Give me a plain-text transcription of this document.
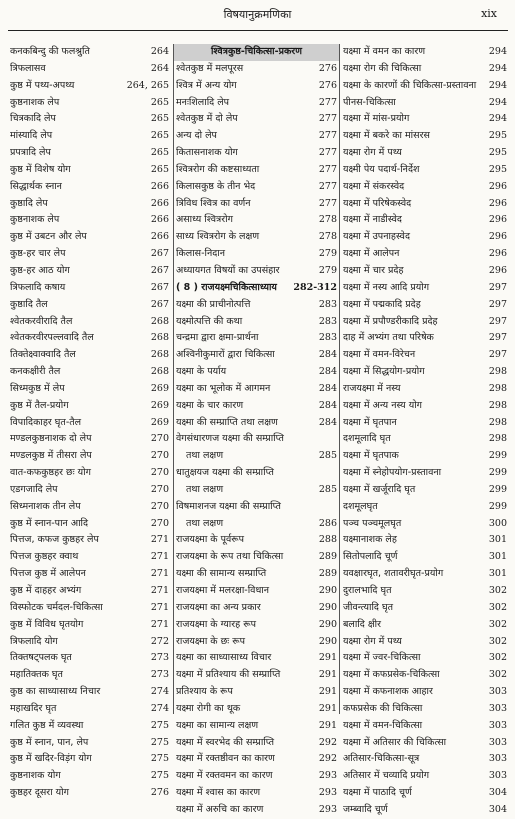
विषयानुक्रमणिका	xix
कनकबिन्दु की फलश्रुति	264
त्रिफलासव	264
कुष्ठ में पथ्य-अपथ्य	264, 265
कुष्ठनाशक लेप	265
चित्रकादि लेप	265
मांस्यादि लेप	265
प्रपत्रादि लेप	265
कुष्ठ में विशेष योग	265
सिद्धार्थक स्नान	266
कुष्ठादि लेप	266
कुष्ठनाशक लेप	266
कुष्ठ में उबटन और लेप	266
कुष्ठ-हर चार लेप	267
कुष्ठ-हर आठ योग	267
त्रिफलादि कषाय	267
कुष्ठादि तैल	267
श्वेतकरवीरादि तैल	268
श्वेतकरवीरपल्लवादि तैल	268
तिक्तेक्ष्वाक्वादि तैल	268
कनकक्षीरी तैल	268
सिध्मकुष्ठ में लेप	269
कुष्ठ में तैल-प्रयोग	269
विपादिकाहर घृत-तैल	269
मण्डलकुष्ठनाशक दो लेप	270
मण्डलकुष्ठ में तीसरा लेप	270
वात-कफकुष्ठहर छः योग	270
एडगजादि लेप	270
सिध्मनाशक तीन लेप	270
कुष्ठ में स्नान-पान आदि	270
पित्तज, कफज कुष्ठहर लेप	271
पित्तज कुष्ठहर क्वाथ	271
पित्तज कुष्ठ में आलेपन	271
कुष्ठ में दाहहर अभ्यंग	271
विस्फोटक चर्मदल-चिकित्सा	271
कुष्ठ में विविध घृतयोग	271
त्रिफलादि योग	272
तिक्तषट्पलक घृत	273
महातिक्तक घृत	273
कुष्ठ का साध्यासाध्य निचार	274
महाखदिर घृत	274
गलित कुष्ठ में व्यवस्था	275
कुष्ठ में स्नान, पान, लेप	275
कुष्ठ में खदिर-विड़ंग योग	275
कुष्ठनाशक योग	275
कुष्ठहर दूसरा योग	276
श्वित्रकुष्ठ-चिकित्सा-प्रकरण
श्वेतकुष्ठ में मलपूरस	276
श्वित्र में अन्य योग	276
मनःशिलादि लेप	277
श्वेतकुष्ठ में दो लेप	277
अन्य दो लेप	277
कितासनाशक योग	277
श्वित्ररोग की कष्टसाध्यता	277
किलासकुष्ठ के तीन भेद	277
त्रिविध श्वित्र का वर्णन	277
असाध्य श्वित्ररोग	278
साध्य श्वित्ररोग के लक्षण	278
किलास-निदान	279
अध्यायगत विषयों का उपसंहार	279
( 8 ) राजयक्ष्मचिकित्साध्याय 282-312
यक्ष्मा की प्राचीनोत्पत्ति	283
यक्ष्मोत्पत्ति की कथा	283
चन्द्रमा द्वारा क्षमा-प्रार्थना	283
अश्विनीकुमारों द्वारा चिकित्सा	284
यक्ष्मा के पर्याय	284
यक्ष्मा का भूलोक में आगमन	284
यक्ष्मा के चार कारण	284
यक्ष्मा की सम्प्राप्ति तथा लक्षण	284
वेगसंधारणज यक्ष्मा की सम्प्राप्ति
तथा लक्षण	285
धातुक्षयज यक्ष्मा की सम्प्राप्ति
तथा लक्षण	285
विषमाशनज यक्ष्मा की सम्प्राप्ति
तथा लक्षण	286
राजयक्ष्मा के पूर्वरूप	288
राजयक्ष्मा के रूप तथा चिकित्सा	289
यक्ष्मा की सामान्य सम्प्राप्ति	289
राजयक्ष्मा में मलरक्षा-विधान	290
राजयक्ष्मा का अन्य प्रकार	290
राजयक्ष्मा के ग्यारह रूप	290
राजयक्ष्मा के छः रूप	290
यक्ष्मा का साध्यासाध्य विचार	291
यक्ष्मा में प्रतिश्याय की सम्प्राप्ति	291
प्रतिश्याय के रूप	291
यक्ष्मा रोगी का थूक	291
यक्ष्मा का सामान्य लक्षण	291
यक्ष्मा में स्वरभेद की सम्प्राप्ति	292
यक्ष्मा में रक्तष्ठीवन का कारण	292
यक्ष्मा में रक्तवमन का कारण	293
यक्ष्मा में श्वास का कारण	293
यक्ष्मा में अरुचि का कारण	293
यक्ष्मा में वमन का कारण	294
यक्ष्मा रोग की चिकित्सा	294
यक्ष्मा के कारणों की चिकित्सा-प्रस्तावना 294
पीनस-चिकित्सा	294
यक्ष्मा में मांस-प्रयोग	294
यक्ष्मा में बकरे का मांसरस	295
यक्ष्मा रोग में पथ्य	295
यक्ष्मी पेय पदार्थ-निर्देश	295
यक्ष्मा में संकरस्वेद	296
यक्ष्मा में परिषेकस्वेद	296
यक्ष्मा में नाडीस्वेद	296
यक्ष्मा में उपनाहस्वेद	296
यक्ष्मा में आलेपन	296
यक्ष्मा में चार प्रदेह	296
यक्ष्मा में नस्य आदि प्रयोग	297
यक्ष्मा में पद्मकादि प्रदेह	297
यक्ष्मा में प्रपौण्डरीकादि प्रदेह	297
दाह में अभ्यंग तथा परिषेक	297
यक्ष्मा में वमन-विरेचन	297
यक्ष्मा में सिद्धयोग-प्रयोग	298
राजयक्ष्मा में नस्य	298
यक्ष्मा में अन्य नस्य योग	298
यक्ष्मा में घृतपान	298
दशमूलादि घृत	298
यक्ष्मा में घृतपाक	299
यक्ष्मा में स्नेहोपयोग-प्रस्तावना	299
यक्ष्मा में खर्जूरादि घृत	299
दशमूलघृत	299
पञ्च पञ्चमूलघृत	300
यक्ष्मानाशक लेह	301
सितोपलादि चूर्ण	301
यवक्षारघृत, शतावरीघृत-प्रयोग	301
दुरालभादि घृत	302
जीवन्त्यादि घृत	302
बलादि क्षीर	302
यक्ष्मा रोग में पथ्य	302
यक्ष्मा में ज्वर-चिकित्सा	302
यक्ष्मा में कफप्रसेक-चिकित्सा	302
यक्ष्मा में कफनाशक आहार	303
कफप्रसेक की चिकित्सा	303
यक्ष्मा में वमन-चिकित्सा	303
यक्ष्मा में अतिसार की चिकित्सा	303
अतिसार-चिकित्सा-सूत्र	303
अतिसार में चव्यादि प्रयोग	303
यक्ष्मा में पाठादि चूर्ण	304
जम्ब्वादि चूर्ण	304
